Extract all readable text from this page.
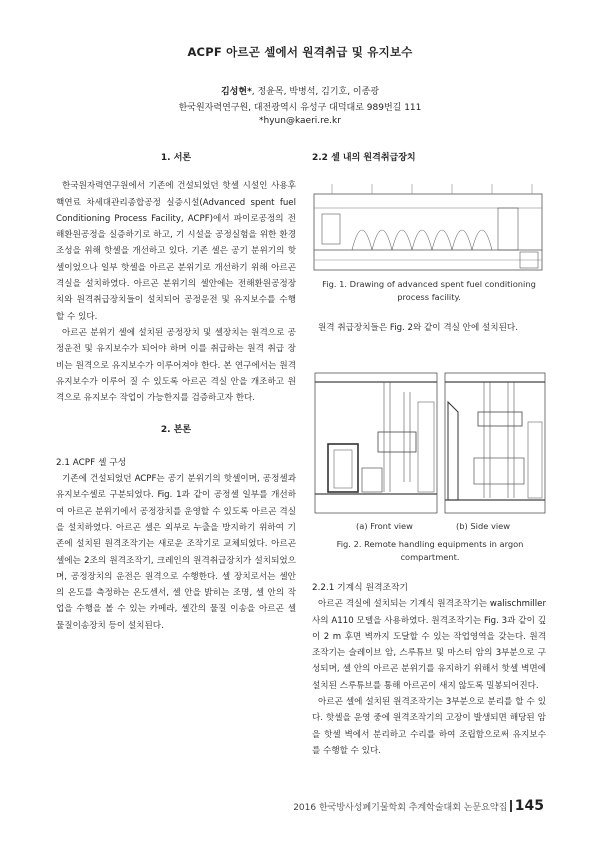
ACPF 아르곤 셀에서 원격취급 및 유지보수
김성현*, 정윤목, 박병석, 김기호, 이종광
한국원자력연구원, 대전광역시 유성구 대덕대로 989번길 111
*hyun@kaeri.re.kr

1. 서론

한국원자력연구원에서 기존에 건설되었던 핫셀 시설인 사용후핵연료 차세대관리종합공정 실증시설(Advanced spent fuel Conditioning Process Facility, ACPF)에서 파이로공정의 전해환원공정을 실증하기로 하고, 기 시설을 공정실험을 위한 환경조성을 위해 핫셀을 개선하고 있다. 기존 셀은 공기 분위기의 핫셀이었으나 일부 핫셀을 아르곤 분위기로 개선하기 위해 아르곤 격실을 설치하였다. 아르곤 분위기의 셀안에는 전해환원공정장치와 원격취급장치들이 설치되어 공정운전 및 유지보수를 수행할 수 있다.

아르곤 분위기 셀에 설치된 공정장치 및 셀장치는 원격으로 공정운전 및 유지보수가 되어야 하며 이를 취급하는 원격 취급 장비는 원격으로 유지보수가 이루어져야 한다. 본 연구에서는 원격 유지보수가 이루어 질 수 있도록 아르곤 격실 안을 개조하고 원격으로 유지보수 작업이 가능한지를 검증하고자 한다.

2. 본론

2.1 ACPF 셀 구성

기존에 건설되었던 ACPF는 공기 분위기의 핫셀이며, 공정셀과 유지보수셀로 구분되었다. Fig. 1과 같이 공정셀 일부를 개선하여 아르곤 분위기에서 공정장치를 운영할 수 있도록 아르곤 격실을 설치하였다. 아르곤 셀은 외부로 누출을 방지하기 위하여 기존에 설치된 원격조작기는 새로운 조작기로 교체되었다. 아르곤 셀에는 2조의 원격조작기, 크레인의 원격취급장치가 설치되었으며, 공정장치의 운전은 원격으로 수행한다. 셀 장치로서는 셀안의 온도를 측정하는 온도센서, 셀 안을 밝히는 조명, 셀 안의 작업을 수행을 볼 수 있는 카메라, 셀간의 물질 이송을 아르곤 셀 물질이송장치 등이 설치된다.

2.2 셀 내의 원격취급장치

Fig. 1. Drawing of advanced spent fuel conditioning process facility.

원격 취급장치들은 Fig. 2와 같이 격실 안에 설치된다.

(a) Front view	(b) Side view
Fig. 2. Remote handling equipments in argon compartment.

2.2.1 기계식 원격조작기

아르곤 격실에 설치되는 기계식 원격조작기는 walischmiller 사의 A110 모델을 사용하였다. 원격조작기는 Fig. 3과 같이 깊이 2 m 후면 벽까지 도달할 수 있는 작업영역을 갖는다. 원격조작기는 슬레이브 암, 스루튜브 및 마스터 암의 3부분으로 구성되며, 셀 안의 아르곤 분위기를 유지하기 위해서 핫셀 벽면에 설치된 스루튜브를 통해 아르곤이 새지 않도록 밀봉되어진다.

아르곤 셀에 설치된 원격조작기는 3부분으로 분리를 할 수 있다. 핫셀을 운영 중에 원격조작기의 고장이 발생되면 해당된 암을 핫셀 벽에서 분리하고 수리를 하여 조립함으로써 유지보수를 수행할 수 있다.

2016 한국방사성폐기물학회 추계학술대회 논문요약집 145
